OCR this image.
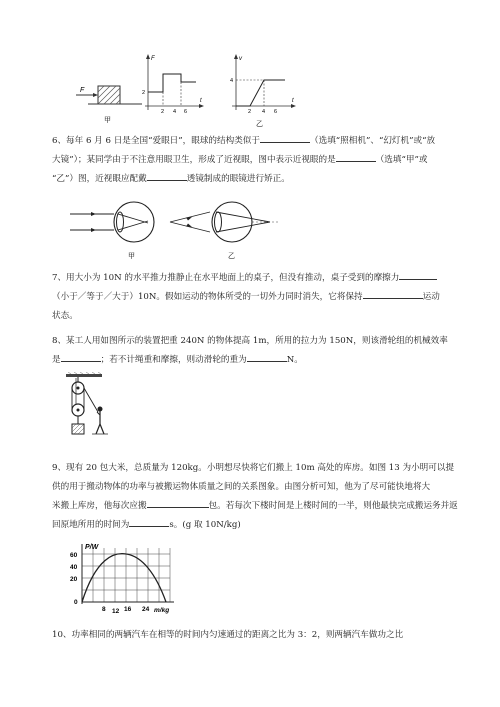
F
甲
F
2
2 4 6
t
v
4
2 4 6
t
乙
6、每年 6 月 6 日是全国“爱眼日”，眼球的结构类似于	（选填“照相机”、“幻灯机”或“放
大镜”）；某同学由于不注意用眼卫生，形成了近视眼，图中表示近视眼的是	（选填“甲”或
“乙”）图，近视眼应配戴	透镜制成的眼镜进行矫正。
甲	乙
7、用大小为 10N 的水平推力推静止在水平地面上的桌子，但没有推动，桌子受到的摩擦力
（小于／等于／大于）10N。假如运动的物体所受的一切外力同时消失，它将保持	运动
状态。
8、某工人用如图所示的装置把重 240N 的物体提高 1m，所用的拉力为 150N，则该滑轮组的机械效率
是	；若不计绳重和摩擦，则动滑轮的重为	N。
9、现有 20 包大米，总质量为 120kg。小明想尽快将它们搬上 10m 高处的库房。如图 13 为小明可以提
供的用于搬动物体的功率与被搬运物体质量之间的关系图象。由图分析可知，他为了尽可能快地将大
米搬上库房，他每次应搬	包。若每次下楼时间是上楼时间的一半，则他最快完成搬运务并返
回原地所用的时间为	s。(g 取 10N/kg)
P/W
60
40
20
0
8 12 16 24 m/kg
10、功率相同的两辆汽车在相等的时间内匀速通过的距离之比为 3：2，则两辆汽车做功之比
